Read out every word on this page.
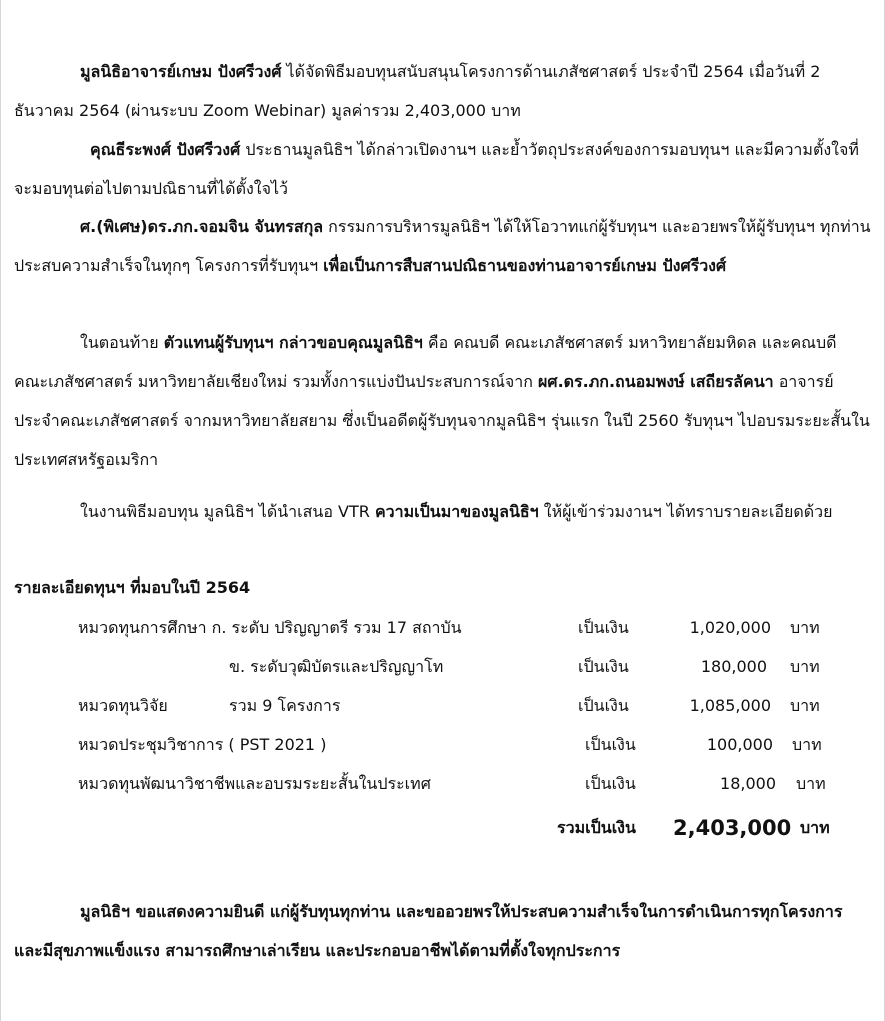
มูลนิธิอาจารย์เกษม ปังศรีวงศ์ ได้จัดพิธีมอบทุนสนับสนุนโครงการด้านเภสัชศาสตร์ ประจำปี 2564 เมื่อวันที่ 2 ธันวาคม 2564 (ผ่านระบบ Zoom Webinar) มูลค่ารวม 2,403,000 บาท

คุณธีระพงศ์ ปังศรีวงศ์ ประธานมูลนิธิฯ ได้กล่าวเปิดงานฯ และย้ำวัตถุประสงค์ของการมอบทุนฯ และมีความตั้งใจที่จะมอบทุนต่อไปตามปณิธานที่ได้ตั้งใจไว้

ศ.(พิเศษ)ดร.ภก.จอมจิน จันทรสกุล กรรมการบริหารมูลนิธิฯ ได้ให้โอวาทแก่ผู้รับทุนฯ และอวยพรให้ผู้รับทุนฯ ทุกท่านประสบความสำเร็จในทุกๆ โครงการที่รับทุนฯ เพื่อเป็นการสืบสานปณิธานของท่านอาจารย์เกษม ปังศรีวงศ์

ในตอนท้าย ตัวแทนผู้รับทุนฯ กล่าวขอบคุณมูลนิธิฯ คือ คณบดี คณะเภสัชศาสตร์ มหาวิทยาลัยมหิดล และคณบดี คณะเภสัชศาสตร์ มหาวิทยาลัยเชียงใหม่ รวมทั้งการแบ่งปันประสบการณ์จาก ผศ.ดร.ภก.ถนอมพงษ์ เสถียรลัคนา อาจารย์ประจำคณะเภสัชศาสตร์ จากมหาวิทยาลัยสยาม ซึ่งเป็นอดีตผู้รับทุนจากมูลนิธิฯ รุ่นแรก ในปี 2560 รับทุนฯ ไปอบรมระยะสั้นในประเทศสหรัฐอเมริกา

ในงานพิธีมอบทุน มูลนิธิฯ ได้นำเสนอ VTR ความเป็นมาของมูลนิธิฯ ให้ผู้เข้าร่วมงานฯ ได้ทราบรายละเอียดด้วย

รายละเอียดทุนฯ ที่มอบในปี 2564
หมวดทุนการศึกษา ก. ระดับ ปริญญาตรี รวม 17 สถาบัน	เป็นเงิน	1,020,000 บาท
ข. ระดับวุฒิบัตรและปริญญาโท	เป็นเงิน	180,000 บาท
หมวดทุนวิจัย	รวม 9 โครงการ	เป็นเงิน	1,085,000 บาท
หมวดประชุมวิชาการ ( PST 2021 )	เป็นเงิน	100,000 บาท
หมวดทุนพัฒนาวิชาชีพและอบรมระยะสั้นในประเทศ	เป็นเงิน	18,000 บาท
รวมเป็นเงิน 2,403,000 บาท

มูลนิธิฯ ขอแสดงความยินดี แก่ผู้รับทุนทุกท่าน และขออวยพรให้ประสบความสำเร็จในการดำเนินการทุกโครงการ และมีสุขภาพแข็งแรง สามารถศึกษาเล่าเรียน และประกอบอาชีพได้ตามที่ตั้งใจทุกประการ
